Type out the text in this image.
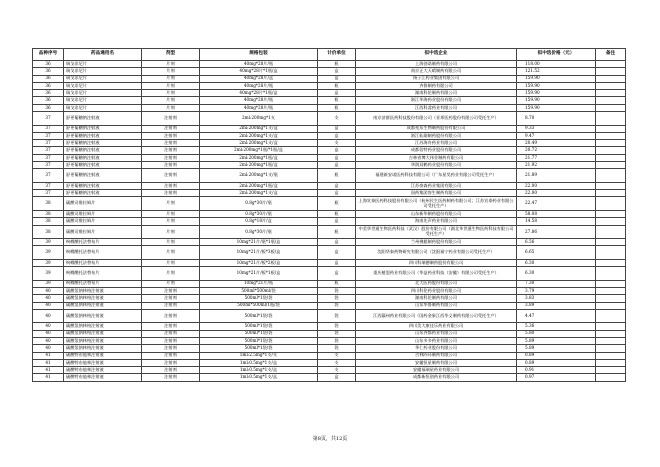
品种序号	药品通用名	剂型	规格包装	计价单位	拟中选企业	拟中选价格（元）	备注
36	瑞戈非尼片	片剂	40mg*28片/瓶	瓶	上海创诺制药有限公司	118.00	
36	瑞戈非尼片	片剂	40mg*28片*1瓶/盒	盒	南京正大天晴制药有限公司	121.52	
36	瑞戈非尼片	片剂	40mg*28片/盒	盒	扬子江药业集团有限公司	159.90	
36	瑞戈非尼片	片剂	40mg*28片/瓶	瓶	齐鲁制药有限公司	159.90	
36	瑞戈非尼片	片剂	40mg*28片*1瓶/盒	盒	湖南科伦制药有限公司	159.90	
36	瑞戈非尼片	片剂	40mg*28片/瓶	瓶	浙江华海药业股份有限公司	159.90	
36	瑞戈非尼片	片剂	40mg*28片/瓶	瓶	江西科睿药业有限公司	159.90	
37	舒更葡糖钠注射液	注射剂	2ml:200mg*1支	支	南京济群医药科技股份有限公司（亚邦医药股份有限公司受托生产）	8.70	
37	舒更葡糖钠注射液	注射剂	2ml:200mg*1支/盒	盒	成都苑东生物制药股份有限公司	9.33	
37	舒更葡糖钠注射液	注射剂	2ml:200mg*1支/盒	盒	浙江仙琚制药股份有限公司	9.47	
37	舒更葡糖钠注射液	注射剂	2ml:200mg*1支/盒	支	江苏海舟药业有限公司	20.49	
37	舒更葡糖钠注射液	注射剂	2ml:200mg*1瓶/*1瓶/盒	盒	成都倍特药业股份有限公司	20.72	
37	舒更葡糖钠注射液	注射剂	2ml:200mg*1瓶/盒	盒	吉林省博大伟业制药有限公司	21.77	
37	舒更葡糖钠注射液	注射剂	2ml:200mg*1瓶/盒	盒	华润双鹤药业股份有限公司	21.92	
37	舒更葡糖钠注射液	注射剂	2ml:200mg*1支/瓶	瓶	福建新安诺医药科技有限公司（广东星昊药业有限公司受托生产）	21.89	
37	舒更葡糖钠注射液	注射剂	2ml:200mg*1瓶/盒	盒	江苏豪森药业集团有限公司	22.00	
37	舒更葡糖钠注射液	注射剂	2ml:200mg*1支/盒	盒	国药集团容生制药有限公司	22.00	
38	碳酸司维拉姆片	片剂	0.8g*30片/瓶	瓶	上海宣泰医药科技股份有限公司（杭州民生医药制药有限公司；江苏宣泰药业有限公司受托生产）	22.47	
38	碳酸司维拉姆片	片剂	0.8g*30片/瓶	瓶	山东新华制药股份有限公司	58.08	
38	碳酸司维拉姆片	片剂	0.8g*18片/盒	盒	海南先声药业有限公司	14.58	
38	碳酸司维拉姆片	片剂	0.8g*30片/瓶	瓶	中美华世通生物医药科技（武汉）股份有限公司（湖北华世通生物医药科技有限公司受托生产）	27.86	
39	枸橼酸托法替布片	片剂	10mg*21片/瓶*1瓶/盒	盒	兰州佛慈制药股份有限公司	6.56	
39	枸橼酸托法替布片	片剂	10mg*21片/板*3板/盒	盒	沈阳华泰药物研究有限公司（沈阳福宁药业有限公司受托生产）	6.65	
39	枸橼酸托法替布片	片剂	10mg*21片/板*2板/盒	盒	四川科瑞德制药股份有限公司	6.30	
39	枸橼酸托法替布片	片剂	10mg*21片/板*1板/盒	盒	重庆植恩药业有限公司（华益药业科技（安徽）有限公司受托生产）	6.30	
39	枸橼酸托法替布片	片剂	10mg*21片/瓶	瓶	北大医药股份有限公司	7.30	
40	碳酸氢钠林格注射液	注射剂	500ml*500ml/袋	袋	四川科伦药业股份有限公司	3.79	
40	碳酸氢钠林格注射液	注射剂	500ml*1袋/袋	袋	湖南科伦制药有限公司	3.83	
40	碳酸氢钠林格注射液	注射剂	500ml*500ml/1瓶/袋	袋	山东华鲁制药有限公司	3.89	
40	碳酸氢钠林格注射液	注射剂	500ml*1袋/袋	袋	江西赣州药业有限公司（国药金象江西华义制药有限公司受托生产）	4.47	
40	碳酸氢钠林格注射液	注射剂	500ml*1袋/袋	袋	四川美大康佳乐药业有限公司	5.36	
40	碳酸氢钠林格注射液	注射剂	500ml*1袋/袋	袋	山东齐都药业有限公司	5.80	
40	碳酸氢钠林格注射液	注射剂	500ml*1袋/袋	袋	山东多多药业有限公司	5.89	
40	碳酸氢钠林格注射液	注射剂	500ml*1袋/袋	袋	华仁药业股份有限公司	5.89	
41	硫酸特布他林注射液	注射剂	5ml:2.5mg*1支/支	支	吉林四环制药有限公司	0.89	
41	硫酸特布他林注射液	注射剂	1ml:0.5mg*1支/盒	支	安徽恒星制药有限公司	0.89	
41	硫酸特布他林注射液	注射剂	1ml:0.5mg*1支/盒	支	安徽福瑞星药业有限公司	0.91	
41	硫酸特布他林注射液	注射剂	1ml:0.5mg*1支/盒	盒	成都新恒创药业有限公司	0.97	
第8页，共12页
